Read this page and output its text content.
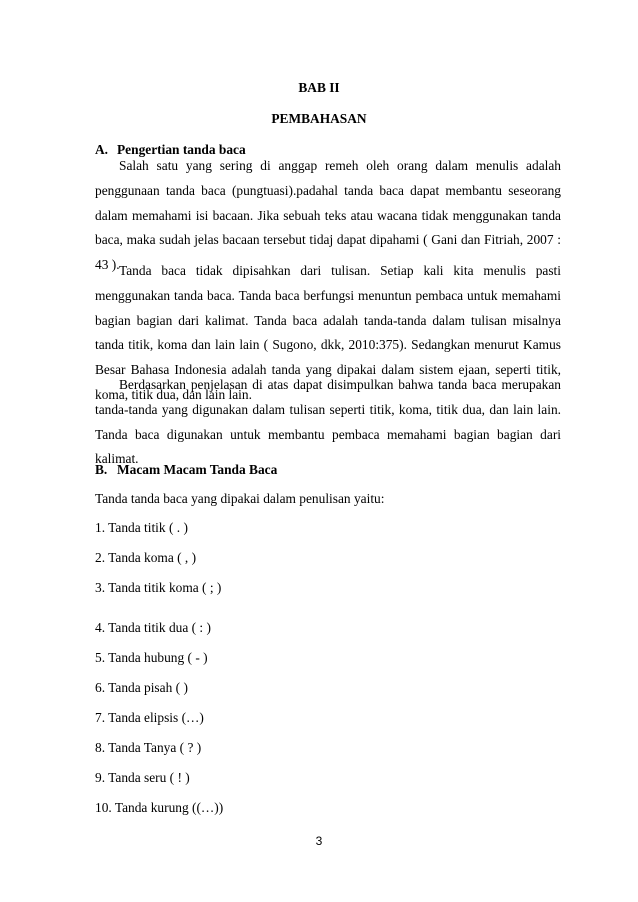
BAB II
PEMBAHASAN
A. Pengertian tanda baca

Salah satu yang sering di anggap remeh oleh orang dalam menulis adalah penggunaan tanda baca (pungtuasi).padahal tanda baca dapat membantu seseorang dalam memahami isi bacaan. Jika sebuah teks atau wacana tidak menggunakan tanda baca, maka sudah jelas bacaan tersebut tidaj dapat dipahami ( Gani dan Fitriah, 2007 : 43 ). Tanda baca tidak dipisahkan dari tulisan. Setiap kali kita menulis pasti menggunakan tanda baca. Tanda baca berfungsi menuntun pembaca untuk memahami bagian bagian dari kalimat. Tanda baca adalah tanda-tanda dalam tulisan misalnya tanda titik, koma dan lain lain ( Sugono, dkk, 2010:375). Sedangkan menurut Kamus Besar Bahasa Indonesia adalah tanda yang dipakai dalam sistem ejaan, seperti titik, koma, titik dua, dan lain lain.

Berdasarkan penjelasan di atas dapat disimpulkan bahwa tanda baca merupakan tanda-tanda yang digunakan dalam tulisan seperti titik, koma, titik dua, dan lain lain. Tanda baca digunakan untuk membantu pembaca memahami bagian bagian dari kalimat.

B. Macam Macam Tanda Baca
Tanda tanda baca yang dipakai dalam penulisan yaitu:
1. Tanda titik ( . )
2. Tanda koma ( , )
3. Tanda titik koma ( ; )
4. Tanda titik dua ( : )
5. Tanda hubung ( - )
6. Tanda pisah ( )
7. Tanda elipsis (…)
8. Tanda Tanya ( ? )
9. Tanda seru ( ! )
10. Tanda kurung ((…))
3
